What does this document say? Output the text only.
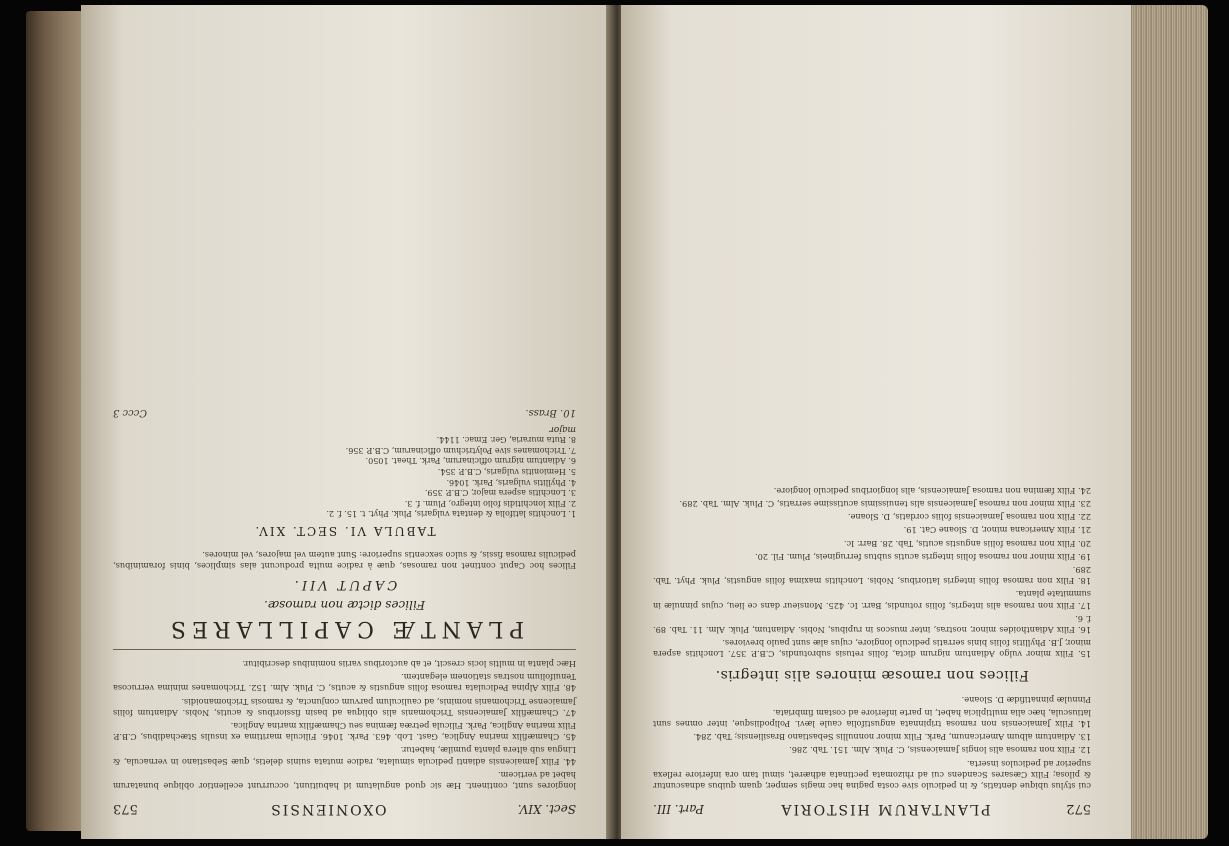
Sect. XIV.
OXONIENSIS
573

longiores sunt, continent. Hæ sic quod angulatum id habuitiunt, occurrunt ecellentior oblique bunatarum habet ad verticem.

44. Filix Jamaicensis adianti pedicula simulata, radice mutata suinis deletis, quæ Sebastiano in vernacula, & Lingua sub altera planta pumilæ, habetur.

45. Chamæfilix marina Anglica, Gast. Lob. 463. Park. 1046. Filicula maritima ex insulis Stæchadibus, C.B.P. Filix marina Anglica, Park. Filicula petræa fæmina seu Chamæfilix marina Anglica.

47. Chamæfilix Jamaicensis Trichomanis alis obliqua ad basin fissioribus & acutis, Nobis. Adiantum foliis Jamaicense Trichomanis nominis, ad cauliculum parvum conjuncta, & ramosis Trichomanoidis.

48. Filix Alpina Pediculata ramosa foliis angustis & acutis, C. Pluk. Alm. 152. Trichomanes minima verrucosa Tenuifolium nostras stationem elegantem.

Hæc planta in multis locis crescit, et ab auctoribus variis nominibus describitur.

PLANTÆ CAPILLARES
Filices dictæ non ramosæ.
CAPUT VII.

Filices hoc Caput continet non ramosas, quæ à radice multa producunt alas simplices, binis foraminibus, pediculis ramosa fissis, & sulco sexcentis superiore: Sunt autem vel majores, vel minores.

TABULA VI. SECT. XIV.
1. Lonchitis latifolia & dentata vulgaris, Pluk. Phyt. t. 15. f. 2.
2. Filix lonchitidis folio integro, Plum. f. 3.
3. Lonchitis aspera major, C.B.P. 359.
4. Phyllitis vulgaris, Park. 1046.
5. Hemionitis vulgaris, C.B.P. 354.
6. Adiantum nigrum officinarum, Park. Theat. 1050.
7. Trichomanes sive Polytrichum officinarum, C.B.P. 356.
8. Ruta muraria, Ger. Emac. 1144.
major
10. Brass.
Cccc 3
572
PLANTARUM HISTORIA
Part. III.

cui stylus ubique dentatis, & in pediculo sive costa pagina hac magis semper, quam quibus adnascuntur & pilosa; Filix Cæsares Scandens cui ad rhizomata pectinata adhæret, simul tam ora inferiore reflexa superior ad pediculos inserta.

12. Filix non ramosa alis longis Jamaicensis, C. Pluk. Alm. 151. Tab. 286.

13. Adiantum album Americanum, Park. Filix minor nonnullis Sebastiano Brasiliensis; Tab. 284.

14. Filix Jamaicensis non ramosa tripinnata angustifolia caule lævi. Polipodiisque, inter omnes sunt latiuscula, hæc alia multiplicia habet, in parte inferiore ad costam fimbriata.

Pinnulæ pinnatifidæ D. Sloane.

Filices non ramosæ minores alis integris.

15. Filix minor vulgo Adiantum nigrum dicta, foliis retusis subrotundis, C.B.P. 357. Lonchitis aspera minor, J.B. Phyllitis foliis binis serratis pediculo longiore, cujus alæ sunt paulo breviores.

16. Filix Adianthoides minor, nostras, inter muscos in rupibus, Nobis. Adiantum, Pluk. Alm. 11. Tab. 89. f. 6.

17. Filix non ramosa alis integris, foliis rotundis, Barr. Ic. 425. Monsieur dans ce lieu, cujus pinnulæ in summitate planta.

18. Filix non ramosa foliis integris latioribus, Nobis. Lonchitis maxima foliis angustis, Pluk. Phyt. Tab. 289.

19. Filix minor non ramosa foliis integris acutis subtus ferrugineis, Plum. Fil. 20.

20. Filix non ramosa foliis angustis acutis, Tab. 28. Barr. Ic.

21. Filix Americana minor, D. Sloane Cat. 19.

22. Filix non ramosa Jamaicensis foliis cordatis, D. Sloane.

23. Filix minor non ramosa Jamaicensis alis tenuissimis acutissime serratis, C. Pluk. Alm. Tab. 289.

24. Filix fæmina non ramosa Jamaicensis, alis longioribus pediculo longiore.
